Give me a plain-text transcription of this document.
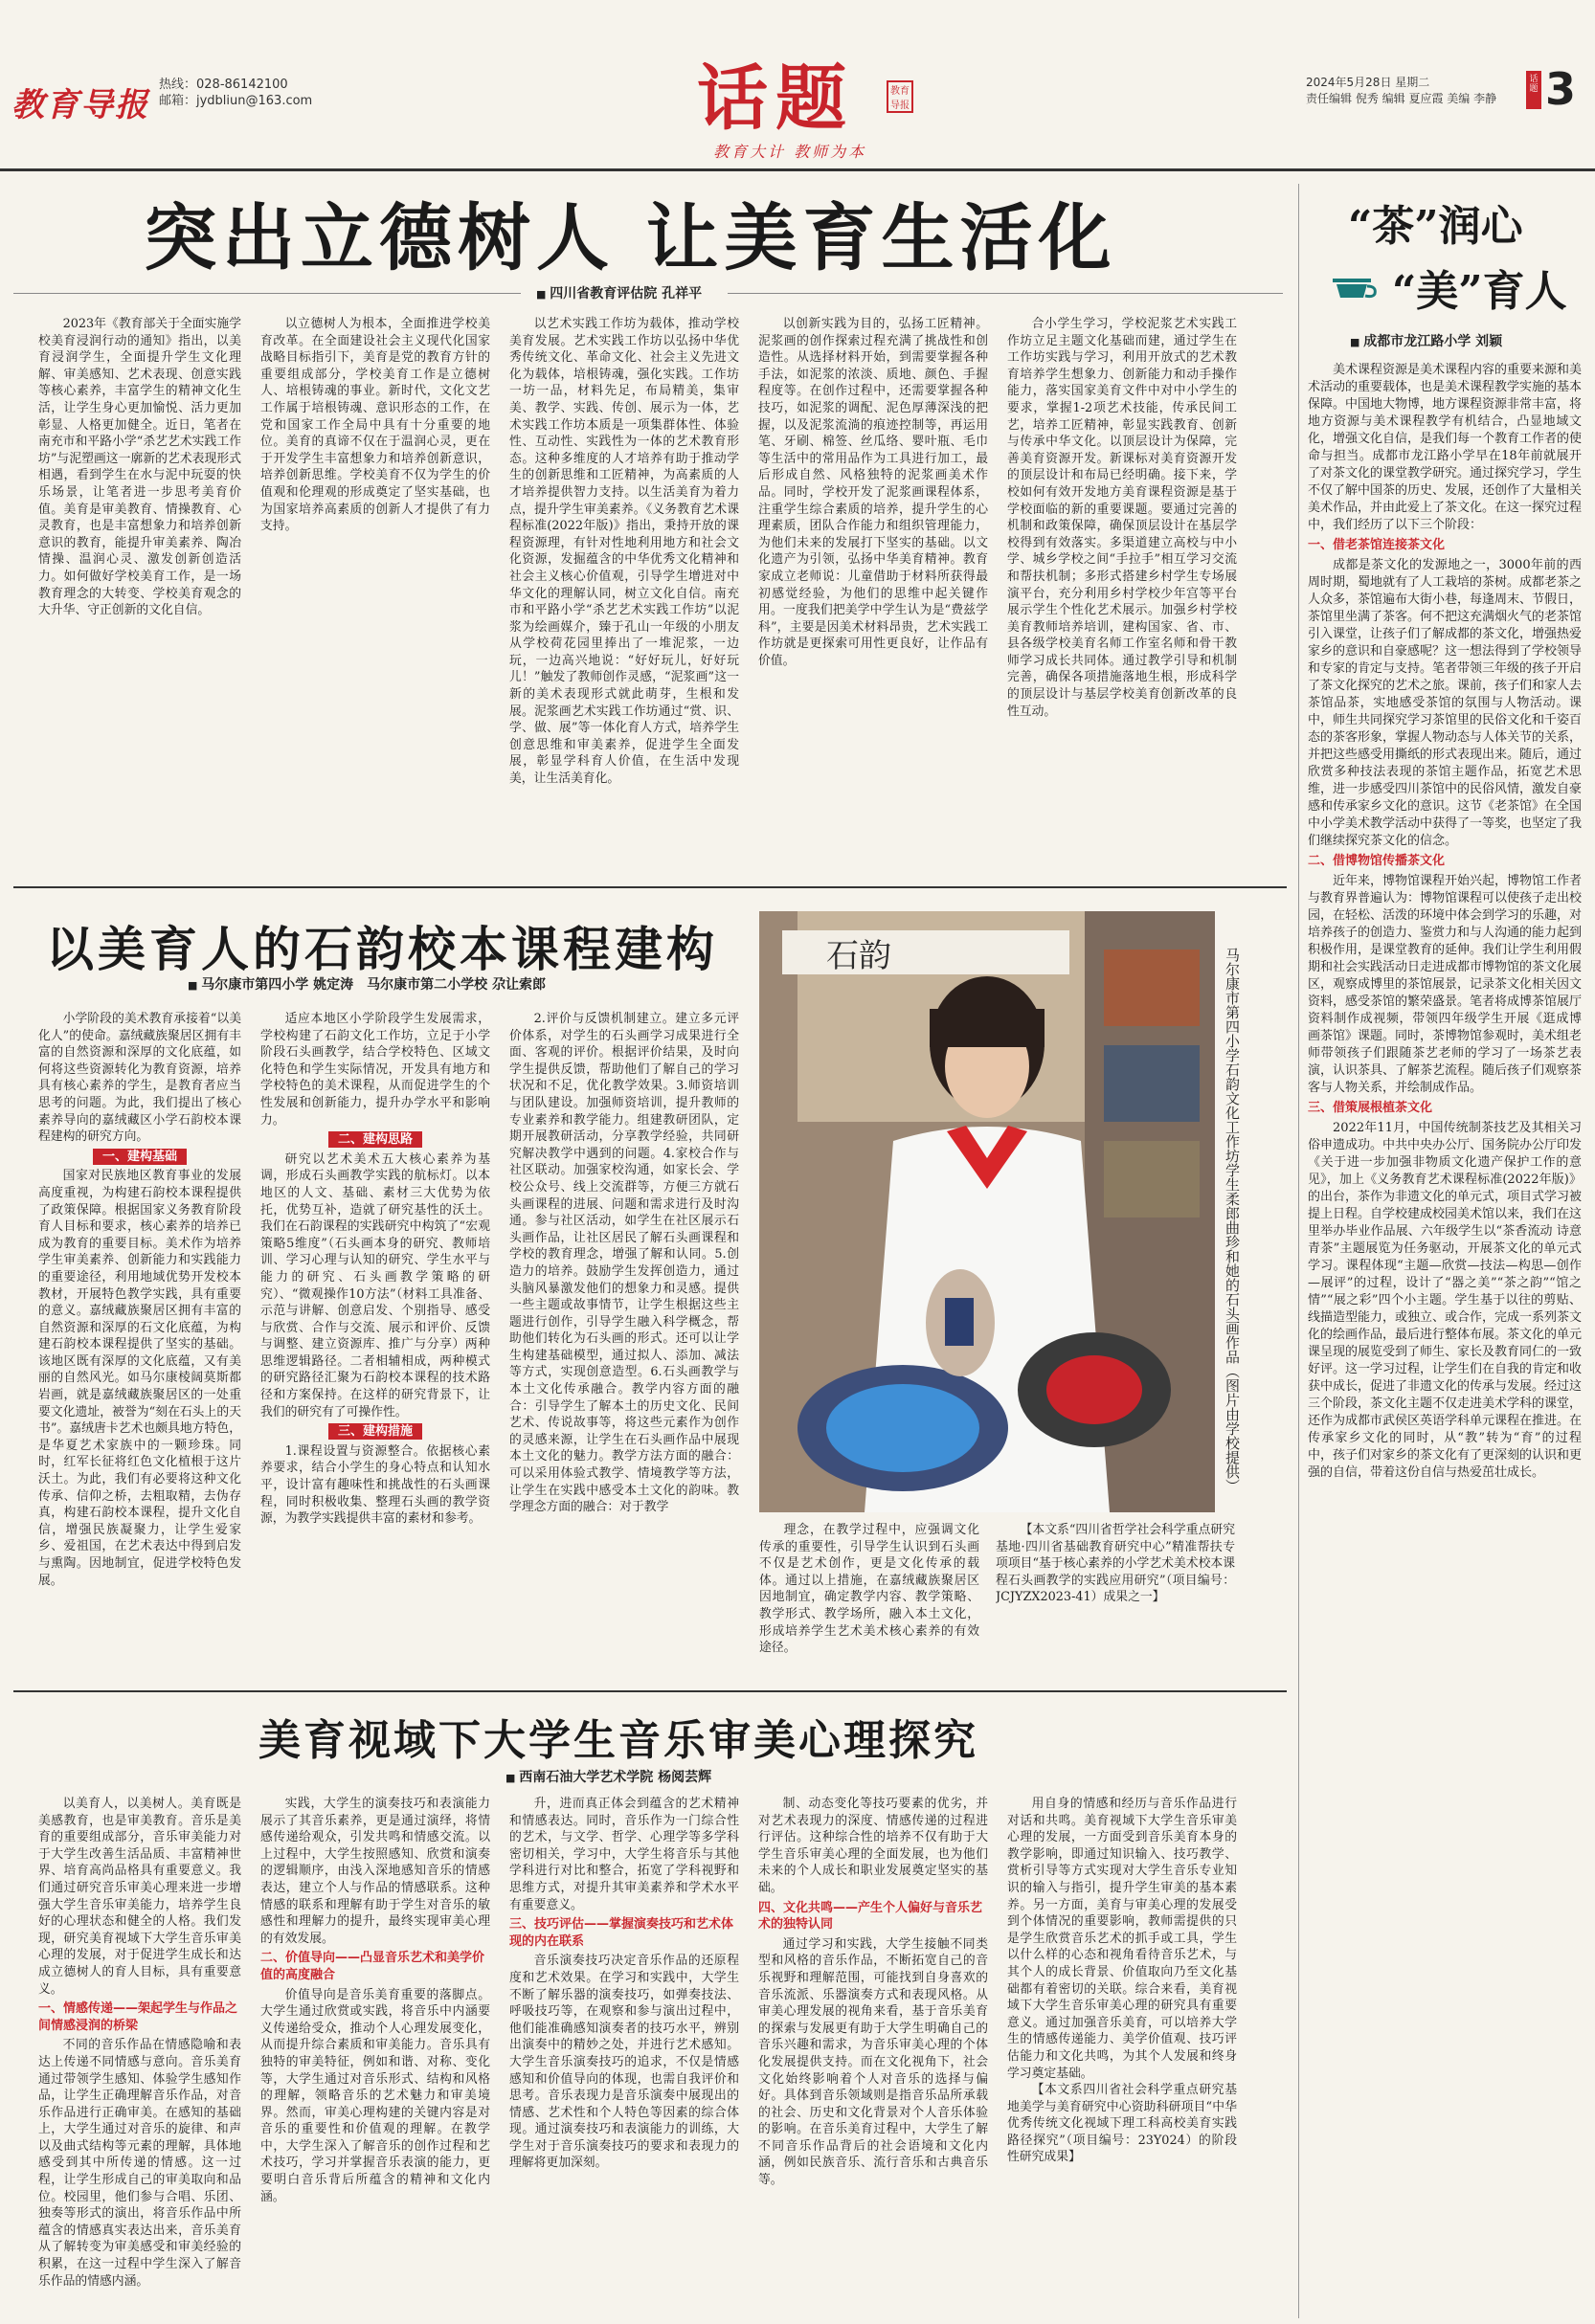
教育导报
热线：028-86142100
邮箱：jydbliun@163.com	话题	教育导报
教育大计 教师为本
2024年5月28日 星期二
责任编辑 倪秀 编辑 夏应霞 美编 李静
话题 3
突出立德树人 让美育生活化
■ 四川省教育评估院 孔祥平

2023年《教育部关于全面实施学校美育浸润行动的通知》指出，以美育浸润学生，全面提升学生文化理解、审美感知、艺术表现、创意实践等核心素养，丰富学生的精神文化生活，让学生身心更加愉悦、活力更加彰显、人格更加健全。近日，笔者在南充市和平路小学“杀艺艺术实践工作坊”与泥塑画这一廓新的艺术表现形式相遇，看到学生在水与泥中玩耍的快乐场景，让笔者进一步思考美育价值。美育是审美教育、情操教育、心灵教育，也是丰富想象力和培养创新意识的教育，能提升审美素养、陶冶情操、温润心灵、激发创新创造活力。如何做好学校美育工作，是一场教育理念的大转变、学校美育观念的大升华、守正创新的文化自信。

以立德树人为根本，全面推进学校美育改革。在全面建设社会主义现代化国家战略目标指引下，美育是党的教育方针的重要组成部分，学校美育工作是立德树人、培根铸魂的事业。新时代，文化文艺工作属于培根铸魂、意识形态的工作，在党和国家工作全局中具有十分重要的地位。美育的真谛不仅在于温润心灵，更在于开发学生丰富想象力和培养创新意识，培养创新思维。学校美育不仅为学生的价值观和伦理观的形成奠定了坚实基础，也为国家培养高素质的创新人才提供了有力支持。

以艺术实践工作坊为载体，推动学校美育发展。艺术实践工作坊以弘扬中华优秀传统文化、革命文化、社会主义先进文化为载体，培根铸魂，强化实践。工作坊一坊一品，材料先足，布局精美，集审美、教学、实践、传创、展示为一体，艺术实践工作坊本质是一项集群体性、体验性、互动性、实践性为一体的艺术教育形态。这种多维度的人才培养有助于推动学生的创新思维和工匠精神，为高素质的人才培养提供智力支持。以生活美育为着力点，提升学生审美素养。《义务教育艺术课程标准(2022年版)》指出，秉持开放的课程资源理，有针对性地利用地方和社会文化资源，发掘蕴含的中华优秀文化精神和社会主义核心价值观，引导学生增进对中华文化的理解认同，树立文化自信。南充市和平路小学“杀艺艺术实践工作坊”以泥浆为绘画媒介，臻于孔山一年级的小朋友从学校荷花园里捧出了一堆泥浆，一边玩，一边高兴地说：“好好玩儿，好好玩儿！”触发了教师创作灵感，“泥浆画”这一新的美术表现形式就此萌芽，生根和发展。泥浆画艺术实践工作坊通过“赏、识、学、做、展”等一体化育人方式，培养学生创意思维和审美素养，促进学生全面发展，彰显学科育人价值，在生活中发现美，让生活美育化。

以创新实践为目的，弘扬工匠精神。泥浆画的创作探索过程充满了挑战性和创造性。从选择材料开始，到需要掌握各种手法，如泥浆的浓淡、质地、颜色、手握程度等。在创作过程中，还需要掌握各种技巧，如泥浆的调配、泥色厚薄深浅的把握，以及泥浆流淌的痕迹控制等，再运用笔、牙刷、棉签、丝瓜络、婴叶瓶、毛巾等生活中的常用品作为工具进行加工，最后形成自然、风格独特的泥浆画美术作品。同时，学校开发了泥浆画课程体系，注重学生综合素质的培养，提升学生的心理素质，团队合作能力和组织管理能力，为他们未来的发展打下坚实的基础。以文化遗产为引领，弘扬中华美育精神。教育家成立老师说：儿童借助于材料所获得最初感觉经验，为他们的思维中起关键作用。一度我们把美学中学生认为是“费兹学科”，主要是因美术材料昂贵，艺术实践工作坊就是更探索可用性更良好，让作品有价值。

合小学生学习，学校泥浆艺术实践工作坊立足主题文化基础而建，通过学生在工作坊实践与学习，利用开放式的艺术教育培养学生想象力、创新能力和动手操作能力，落实国家美育文件中对中小学生的要求，掌握1-2项艺术技能，传承民间工艺，培养工匠精神，彰显实践教育、创新与传承中华文化。以顶层设计为保障，完善美育资源开发。新课标对美育资源开发的顶层设计和布局已经明确。接下来，学校如何有效开发地方美育课程资源是基于学校面临的新的重要课题。要通过完善的机制和政策保障，确保顶层设计在基层学校得到有效落实。多渠道建立高校与中小学、城乡学校之间“手拉手”相互学习交流和帮扶机制；多形式搭建乡村学生专场展演平台，充分利用乡村学校少年宫等平台展示学生个性化艺术展示。加强乡村学校美育教师培养培训，建构国家、省、市、县各级学校美育名师工作室名师和骨干教师学习成长共同体。通过教学引导和机制完善，确保各项措施落地生根，形成科学的顶层设计与基层学校美育创新改革的良性互动。

“茶”润心
“美”育人
■ 成都市龙江路小学 刘颖

美术课程资源是美术课程内容的重要来源和美术活动的重要载体，也是美术课程教学实施的基本保障。中国地大物博，地方课程资源非常丰富，将地方资源与美术课程教学有机结合，凸显地域文化，增强文化自信，是我们每一个教育工作者的使命与担当。成都市龙江路小学早在18年前就展开了对茶文化的课堂教学研究。通过探究学习，学生不仅了解中国茶的历史、发展，还创作了大量相关美术作品，并由此爱上了茶文化。在这一探究过程中，我们经历了以下三个阶段：

一、借老茶馆连接茶文化

成都是茶文化的发源地之一，3000年前的西周时期，蜀地就有了人工栽培的茶树。成都老茶之人众多，茶馆遍布大街小巷，每逢周末、节假日，茶馆里坐满了茶客。何不把这充满烟火气的老茶馆引入课堂，让孩子们了解成都的茶文化，增强热爱家乡的意识和自豪感呢？这一想法得到了学校领导和专家的肯定与支持。笔者带领三年级的孩子开启了茶文化探究的艺术之旅。课前，孩子们和家人去茶馆品茶，实地感受茶馆的氛围与人物活动。课中，师生共同探究学习茶馆里的民俗文化和千姿百态的茶客形象，掌握人物动态与人体关节的关系，并把这些感受用撕纸的形式表现出来。随后，通过欣赏多种技法表现的茶馆主题作品，拓宽艺术思维，进一步感受四川茶馆中的民俗风情，激发自豪感和传承家乡文化的意识。这节《老茶馆》在全国中小学美术教学活动中获得了一等奖，也坚定了我们继续探究茶文化的信念。

二、借博物馆传播茶文化

近年来，博物馆课程开始兴起，博物馆工作者与教育界普遍认为：博物馆课程可以使孩子走出校园，在轻松、活泼的环境中体会到学习的乐趣，对培养孩子的创造力、鉴赏力和与人沟通的能力起到积极作用，是课堂教育的延伸。我们让学生利用假期和社会实践活动日走进成都市博物馆的茶文化展区，观察成博里的茶馆展景，记录茶文化相关因文资料，感受茶馆的繁荣盛景。笔者将成博茶馆展厅资料制作成视频，带领四年级学生开展《逛成博 画茶馆》课题。同时，茶博物馆参观时，美术组老师带领孩子们跟随茶艺老师的学习了一场茶艺表演，认识茶具、了解茶艺流程。随后孩子们观察茶客与人物关系，并绘制成作品。

三、借策展根植茶文化

2022年11月，中国传统制茶技艺及其相关习俗申遗成功。中共中央办公厅、国务院办公厅印发《关于进一步加强非物质文化遗产保护工作的意见》，加上《义务教育艺术课程标准(2022年版)》的出台，茶作为非遗文化的单元式，项目式学习被提上日程。自学校建成校园美术馆以来，我们在这里举办毕业作品展、六年级学生以“茶香流动 诗意青茶”主题展览为任务驱动，开展茶文化的单元式学习。课程体现“主题—欣赏—技法—构思—创作—展评”的过程，设计了“器之美”“茶之韵”“馆之情”“展之彩”四个小主题。学生基于以往的剪贴、线描造型能力，或独立、或合作，完成一系列茶文化的绘画作品，最后进行整体布展。茶文化的单元课呈现的展览受到了师生、家长及教育同仁的一致好评。这一学习过程，让学生们在自我的肯定和收获中成长，促进了非遗文化的传承与发展。经过这三个阶段，茶文化主题不仅走进美术学科的课堂，还作为成都市武侯区英语学科单元课程在推进。在传承家乡文化的同时，从“教”转为“育”的过程中，孩子们对家乡的茶文化有了更深刻的认识和更强的自信，带着这份自信与热爱茁壮成长。

以美育人的石韵校本课程建构
■ 马尔康市第四小学 姚定涛　马尔康市第二小学校 尕让索郎

小学阶段的美术教育承接着“以美化人”的使命。嘉绒藏族聚居区拥有丰富的自然资源和深厚的文化底蕴，如何将这些资源转化为教育资源，培养具有核心素养的学生，是教育者应当思考的问题。为此，我们提出了核心素养导向的嘉绒藏区小学石韵校本课程建构的研究方向。

一、建构基础

国家对民族地区教育事业的发展高度重视，为构建石韵校本课程提供了政策保障。根据国家义务教育阶段育人目标和要求，核心素养的培养已成为教育的重要目标。美术作为培养学生审美素养、创新能力和实践能力的重要途径，利用地域优势开发校本教材，开展特色教学实践，具有重要的意义。嘉绒藏族聚居区拥有丰富的自然资源和深厚的石文化底蕴，为构建石韵校本课程提供了坚实的基础。该地区既有深厚的文化底蕴，又有美丽的自然风光。如马尔康棱阔莫斯都岩画，就是嘉绒藏族聚居区的一处重要文化遗址，被誉为“刻在石头上的天书”。嘉绒唐卡艺术也颇具地方特色，是华夏艺术家族中的一颗珍珠。同时，红军长征将红色文化植根于这片沃土。为此，我们有必要将这种文化传承、信仰之桥，去粗取精，去伪存真，构建石韵校本课程，提升文化自信，增强民族凝聚力，让学生爱家乡、爱祖国，在艺术表达中得到启发与熏陶。因地制宜，促进学校特色发展。

适应本地区小学阶段学生发展需求，学校构建了石韵文化工作坊，立足于小学阶段石头画教学，结合学校特色、区域文化特色和学生实际情况，开发具有地方和学校特色的美术课程，从而促进学生的个性发展和创新能力，提升办学水平和影响力。

二、建构思路

研究以艺术美术五大核心素养为基调，形成石头画教学实践的航标灯。以本地区的人文、基础、素材三大优势为依托，优势互补，造就了研究基性的沃土。我们在石韵课程的实践研究中构筑了“宏观策略5维度”（石头画本身的研究、教师培训、学习心理与认知的研究、学生水平与能力的研究、石头画教学策略的研究）、“微观操作10方法”（材料工具准备、示范与讲解、创意启发、个别指导、感受与欣赏、合作与交流、展示和评价、反馈与调整、建立资源库、推广与分享）两种思维逻辑路径。二者相辅相成，两种模式的研究路径汇聚为石韵校本课程的技术路径和方案保持。在这样的研究背景下，让我们的研究有了可操作性。

三、建构措施

1.课程设置与资源整合。依据核心素养要求，结合小学生的身心特点和认知水平，设计富有趣味性和挑战性的石头画课程，同时积极收集、整理石头画的教学资源，为教学实践提供丰富的素材和参考。

2.评价与反馈机制建立。建立多元评价体系，对学生的石头画学习成果进行全面、客观的评价。根据评价结果，及时向学生提供反馈，帮助他们了解自己的学习状况和不足，优化教学效果。3.师资培训与团队建设。加强师资培训，提升教师的专业素养和教学能力。组建教研团队，定期开展教研活动，分享教学经验，共同研究解决教学中遇到的问题。4.家校合作与社区联动。加强家校沟通，如家长会、学校公众号、线上交流群等，方便三方就石头画课程的进展、问题和需求进行及时沟通。参与社区活动，如学生在社区展示石头画作品，让社区居民了解石头画课程和学校的教育理念，增强了解和认同。5.创造力的培养。鼓励学生发挥创造力，通过头脑风暴激发他们的想象力和灵感。提供一些主题或故事情节，让学生根据这些主题进行创作，引导学生融入科学概念，帮助他们转化为石头画的形式。还可以让学生构建基础模型，通过拟人、添加、减法等方式，实现创意造型。6.石头画教学与本土文化传承融合。教学内容方面的融合：引导学生了解本土的历史文化、民间艺术、传说故事等，将这些元素作为创作的灵感来源，让学生在石头画作品中展现本土文化的魅力。教学方法方面的融合：可以采用体验式教学、情境教学等方法，让学生在实践中感受本土文化的韵味。教学理念方面的融合：对于教学

石韵	马尔康市第四小学石韵文化工作坊学生柔郎曲珍和她的石头画作品（图片由学校提供）

理念，在教学过程中，应强调文化传承的重要性，引导学生认识到石头画不仅是艺术创作，更是文化传承的载体。通过以上措施，在嘉绒藏族聚居区因地制宜，确定教学内容、教学策略、教学形式、教学场所，融入本土文化，形成培养学生艺术美术核心素养的有效途径。

【本文系“四川省哲学社会科学重点研究基地·四川省基础教育研究中心”精准帮扶专项项目“基于核心素养的小学艺术美术校本课程石头画教学的实践应用研究”（项目编号：JCJYZX2023-41）成果之一】

美育视域下大学生音乐审美心理探究
■ 西南石油大学艺术学院 杨阅芸辉

以美育人，以美树人。美育既是美感教育，也是审美教育。音乐是美育的重要组成部分，音乐审美能力对于大学生改善生活品质、丰富精神世界、培育高尚品格具有重要意义。我们通过研究音乐审美心理来进一步增强大学生音乐审美能力，培养学生良好的心理状态和健全的人格。我们发现，研究美育视域下大学生音乐审美心理的发展，对于促进学生成长和达成立德树人的育人目标，具有重要意义。

一、情感传递——架起学生与作品之间情感浸润的桥梁

不同的音乐作品在情感隐喻和表达上传递不同情感与意向。音乐美育通过带领学生感知、体验学生感知作品，让学生正确理解音乐作品，对音乐作品进行正确审美。在感知的基础上，大学生通过对音乐的旋律、和声以及曲式结构等元素的理解，具体地感受到其中所传递的情感。这一过程，让学生形成自己的审美取向和品位。校园里，他们参与合唱、乐团、独奏等形式的演出，将音乐作品中所蕴含的情感真实表达出来，音乐美育从了解转变为审美感受和审美经验的积累，在这一过程中学生深入了解音乐作品的情感内涵。

实践，大学生的演奏技巧和表演能力展示了其音乐素养，更是通过演绎，将情感传递给观众，引发共鸣和情感交流。以上过程中，大学生按照感知、欣赏和演奏的逻辑顺序，由浅入深地感知音乐的情感表达，建立个人与作品的情感联系。这种情感的联系和理解有助于学生对音乐的敏感性和理解力的提升，最终实现审美心理的有效发展。

二、价值导向——凸显音乐艺术和美学价值的高度融合

价值导向是音乐美育重要的落脚点。大学生通过欣赏或实践，将音乐中内涵要义传递给受众，推动个人心理发展变化，从而提升综合素质和审美能力。音乐具有独特的审美特征，例如和谐、对称、变化等，大学生通过对音乐形式、结构和风格的理解，领略音乐的艺术魅力和审美境界。然而，审美心理构建的关键内容是对音乐的重要性和价值观的理解。在教学中，大学生深入了解音乐的创作过程和艺术技巧，学习并掌握音乐表演的能力，更要明白音乐背后所蕴含的精神和文化内涵。

升，进而真正体会到蕴含的艺术精神和情感表达。同时，音乐作为一门综合性的艺术，与文学、哲学、心理学等多学科密切相关，学习中，大学生将音乐与其他学科进行对比和整合，拓宽了学科视野和思维方式，对提升其审美素养和学术水平有重要意义。

三、技巧评估——掌握演奏技巧和艺术体现的内在联系

音乐演奏技巧决定音乐作品的还原程度和艺术效果。在学习和实践中，大学生不断了解乐器的演奏技巧，如弹奏技法、呼吸技巧等，在观察和参与演出过程中，他们能准确感知演奏者的技巧水平，辨别出演奏中的精妙之处，并进行艺术感知。大学生音乐演奏技巧的追求，不仅是情感感知和价值导向的体现，也需自我评价和思考。音乐表现力是音乐演奏中展现出的情感、艺术性和个人特色等因素的综合体现。通过演奏技巧和表演能力的训练，大学生对于音乐演奏技巧的要求和表现力的理解将更加深刻。

制、动态变化等技巧要素的优劣，并对艺术表现力的深度、情感传递的过程进行评估。这种综合性的培养不仅有助于大学生音乐审美心理的全面发展，也为他们未来的个人成长和职业发展奠定坚实的基础。

四、文化共鸣——产生个人偏好与音乐艺术的独特认同

通过学习和实践，大学生接触不同类型和风格的音乐作品，不断拓宽自己的音乐视野和理解范围，可能找到自身喜欢的音乐流派、乐器演奏方式和表现风格。从审美心理发展的视角来看，基于音乐美育的探索与发展更有助于大学生明确自己的音乐兴趣和需求，为音乐审美心理的个体化发展提供支持。而在文化视角下，社会文化始终影响着个人对音乐的选择与偏好。具体到音乐领域则是指音乐品所承载的社会、历史和文化背景对个人音乐体验的影响。在音乐美育过程中，大学生了解不同音乐作品背后的社会语境和文化内涵，例如民族音乐、流行音乐和古典音乐等。

用自身的情感和经历与音乐作品进行对话和共鸣。美育视域下大学生音乐审美心理的发展，一方面受到音乐美育本身的教学影响，即通过知识输入、技巧教学、赏析引导等方式实现对大学生音乐专业知识的输入与指引，提升学生审美的基本素养。另一方面，美育与审美心理的发展受到个体情况的重要影响，教师需提供的只是学生欣赏音乐艺术的抓手或工具，学生以什么样的心态和视角看待音乐艺术，与其个人的成长背景、价值取向乃至文化基础都有着密切的关联。综合来看，美育视域下大学生音乐审美心理的研究具有重要意义。通过加强音乐美育，可以培养大学生的情感传递能力、美学价值观、技巧评估能力和文化共鸣，为其个人发展和终身学习奠定基础。

【本文系四川省社会科学重点研究基地美学与美育研究中心资助科研项目“中华优秀传统文化视域下理工科高校美育实践路径探究”（项目编号：23Y024）的阶段性研究成果】
